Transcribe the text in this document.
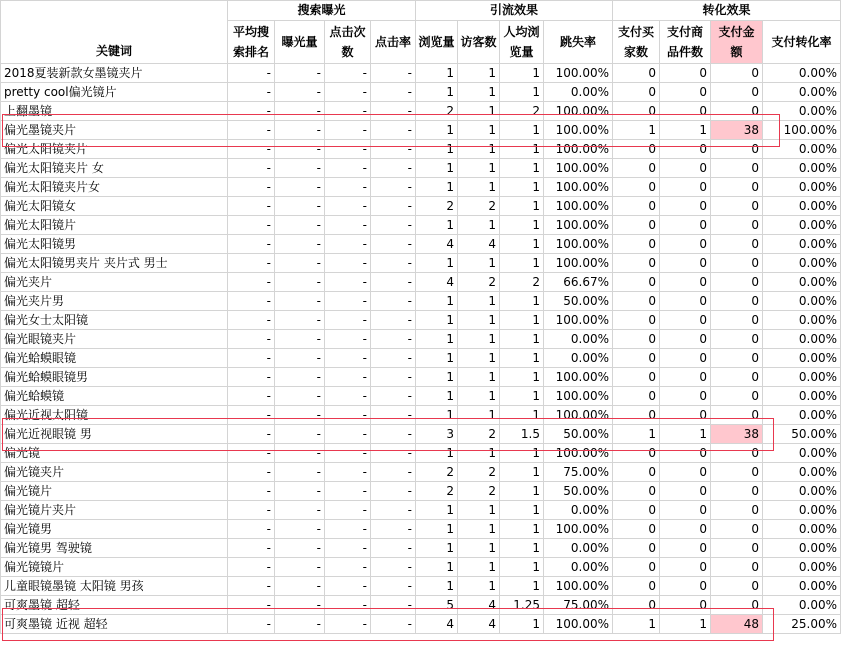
关键词	搜索曝光				引流效果				转化效果			
	平均搜索排名	曝光量	点击次数	点击率	浏览量	访客数	人均浏览量	跳失率	支付买家数	支付商品件数	支付金额	支付转化率
2018夏装新款女墨镜夹片	-	-	-	-	1	1	1	100.00%	0	0	0	0.00%
pretty cool偏光镜片	-	-	-	-	1	1	1	0.00%	0	0	0	0.00%
上翻墨镜	-	-	-	-	2	1	2	100.00%	0	0	0	0.00%
偏光墨镜夹片	-	-	-	-	1	1	1	100.00%	1	1	38	100.00%
偏光太阳镜夹片	-	-	-	-	1	1	1	100.00%	0	0	0	0.00%
偏光太阳镜夹片 女	-	-	-	-	1	1	1	100.00%	0	0	0	0.00%
偏光太阳镜夹片女	-	-	-	-	1	1	1	100.00%	0	0	0	0.00%
偏光太阳镜女	-	-	-	-	2	2	1	100.00%	0	0	0	0.00%
偏光太阳镜片	-	-	-	-	1	1	1	100.00%	0	0	0	0.00%
偏光太阳镜男	-	-	-	-	4	4	1	100.00%	0	0	0	0.00%
偏光太阳镜男夹片 夹片式 男士	-	-	-	-	1	1	1	100.00%	0	0	0	0.00%
偏光夹片	-	-	-	-	4	2	2	66.67%	0	0	0	0.00%
偏光夹片男	-	-	-	-	1	1	1	50.00%	0	0	0	0.00%
偏光女士太阳镜	-	-	-	-	1	1	1	100.00%	0	0	0	0.00%
偏光眼镜夹片	-	-	-	-	1	1	1	0.00%	0	0	0	0.00%
偏光蛤蟆眼镜	-	-	-	-	1	1	1	0.00%	0	0	0	0.00%
偏光蛤蟆眼镜男	-	-	-	-	1	1	1	100.00%	0	0	0	0.00%
偏光蛤蟆镜	-	-	-	-	1	1	1	100.00%	0	0	0	0.00%
偏光近视太阳镜	-	-	-	-	1	1	1	100.00%	0	0	0	0.00%
偏光近视眼镜 男	-	-	-	-	3	2	1.5	50.00%	1	1	38	50.00%
偏光镜	-	-	-	-	1	1	1	100.00%	0	0	0	0.00%
偏光镜夹片	-	-	-	-	2	2	1	75.00%	0	0	0	0.00%
偏光镜片	-	-	-	-	2	2	1	50.00%	0	0	0	0.00%
偏光镜片夹片	-	-	-	-	1	1	1	0.00%	0	0	0	0.00%
偏光镜男	-	-	-	-	1	1	1	100.00%	0	0	0	0.00%
偏光镜男 驾驶镜	-	-	-	-	1	1	1	0.00%	0	0	0	0.00%
偏光镜镜片	-	-	-	-	1	1	1	0.00%	0	0	0	0.00%
儿童眼镜墨镜 太阳镜 男孩	-	-	-	-	1	1	1	100.00%	0	0	0	0.00%
可爽墨镜 超轻	-	-	-	-	5	4	1.25	75.00%	0	0	0	0.00%
可爽墨镜 近视 超轻	-	-	-	-	4	4	1	100.00%	1	1	48	25.00%
